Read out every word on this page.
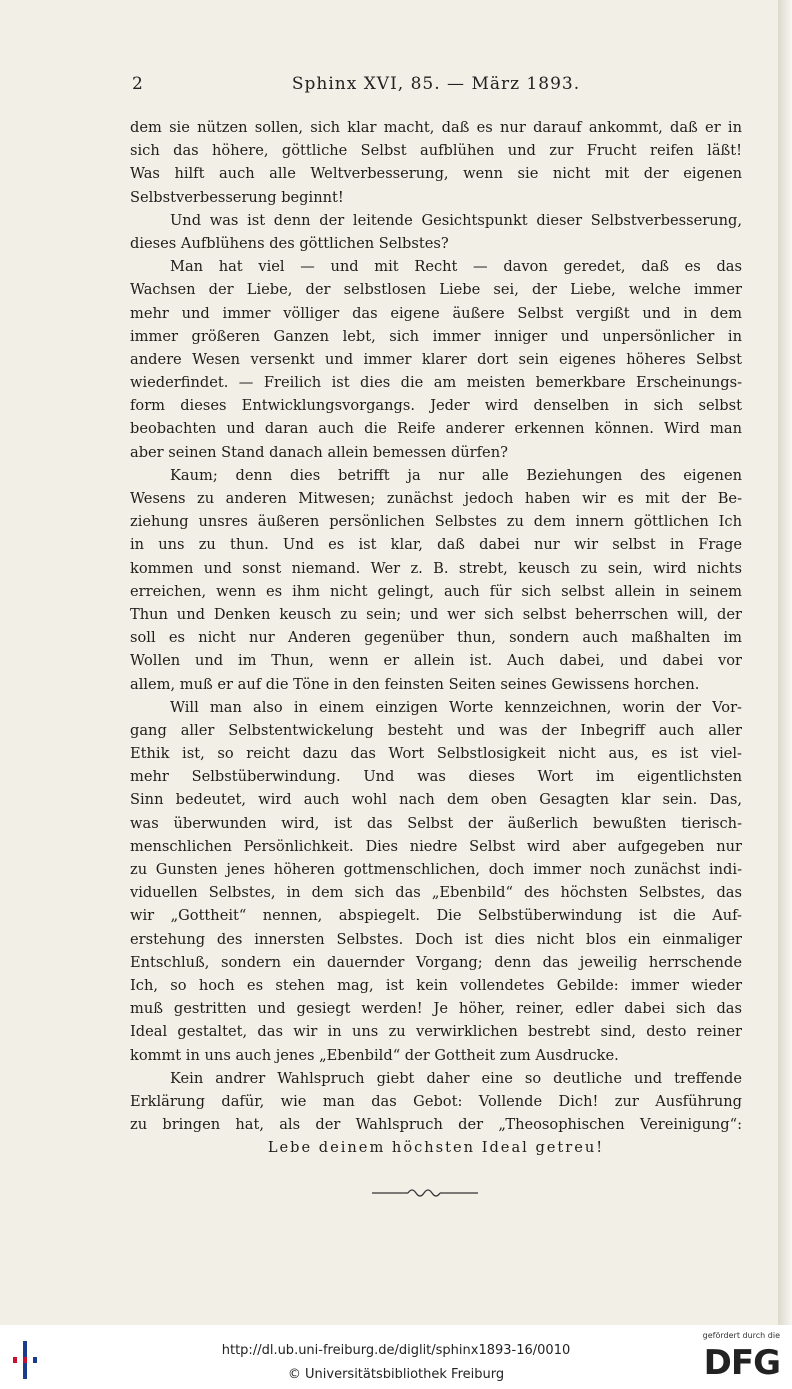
2	Sphinx XVI, 85. — März 1893.
dem sie nützen sollen, sich klar macht, daß es nur darauf ankommt, daß er in
sich das höhere, göttliche Selbst aufblühen und zur Frucht reifen läßt!
Was hilft auch alle Weltverbesserung, wenn sie nicht mit der eigenen
Selbstverbesserung beginnt!
Und was ist denn der leitende Gesichtspunkt dieser Selbstverbesserung,
dieses Aufblühens des göttlichen Selbstes?
Man hat viel — und mit Recht — davon geredet, daß es das
Wachsen der Liebe, der selbstlosen Liebe sei, der Liebe, welche immer
mehr und immer völliger das eigene äußere Selbst vergißt und in dem
immer größeren Ganzen lebt, sich immer inniger und unpersönlicher in
andere Wesen versenkt und immer klarer dort sein eigenes höheres Selbst
wiederfindet. — Freilich ist dies die am meisten bemerkbare Erscheinungs-
form dieses Entwicklungsvorgangs. Jeder wird denselben in sich selbst
beobachten und daran auch die Reife anderer erkennen können. Wird man
aber seinen Stand danach allein bemessen dürfen?
Kaum; denn dies betrifft ja nur alle Beziehungen des eigenen
Wesens zu anderen Mitwesen; zunächst jedoch haben wir es mit der Be-
ziehung unsres äußeren persönlichen Selbstes zu dem innern göttlichen Ich
in uns zu thun. Und es ist klar, daß dabei nur wir selbst in Frage
kommen und sonst niemand. Wer z. B. strebt, keusch zu sein, wird nichts
erreichen, wenn es ihm nicht gelingt, auch für sich selbst allein in seinem
Thun und Denken keusch zu sein; und wer sich selbst beherrschen will, der
soll es nicht nur Anderen gegenüber thun, sondern auch maßhalten im
Wollen und im Thun, wenn er allein ist. Auch dabei, und dabei vor
allem, muß er auf die Töne in den feinsten Seiten seines Gewissens horchen.
Will man also in einem einzigen Worte kennzeichnen, worin der Vor-
gang aller Selbstentwickelung besteht und was der Inbegriff auch aller
Ethik ist, so reicht dazu das Wort Selbstlosigkeit nicht aus, es ist viel-
mehr Selbstüberwindung. Und was dieses Wort im eigentlichsten
Sinn bedeutet, wird auch wohl nach dem oben Gesagten klar sein. Das,
was überwunden wird, ist das Selbst der äußerlich bewußten tierisch-
menschlichen Persönlichkeit. Dies niedre Selbst wird aber aufgegeben nur
zu Gunsten jenes höheren gottmenschlichen, doch immer noch zunächst indi-
viduellen Selbstes, in dem sich das „Ebenbild“ des höchsten Selbstes, das
wir „Gottheit“ nennen, abspiegelt. Die Selbstüberwindung ist die Auf-
erstehung des innersten Selbstes. Doch ist dies nicht blos ein einmaliger
Entschluß, sondern ein dauernder Vorgang; denn das jeweilig herrschende
Ich, so hoch es stehen mag, ist kein vollendetes Gebilde: immer wieder
muß gestritten und gesiegt werden! Je höher, reiner, edler dabei sich das
Ideal gestaltet, das wir in uns zu verwirklichen bestrebt sind, desto reiner
kommt in uns auch jenes „Ebenbild“ der Gottheit zum Ausdrucke.
Kein andrer Wahlspruch giebt daher eine so deutliche und treffende
Erklärung dafür, wie man das Gebot: Vollende Dich! zur Ausführung
zu bringen hat, als der Wahlspruch der „Theosophischen Vereinigung“:
Lebe deinem höchsten Ideal getreu!
http://dl.ub.uni-freiburg.de/diglit/sphinx1893-16/0010
© Universitätsbibliothek Freiburg
gefördert durch die
DFG
